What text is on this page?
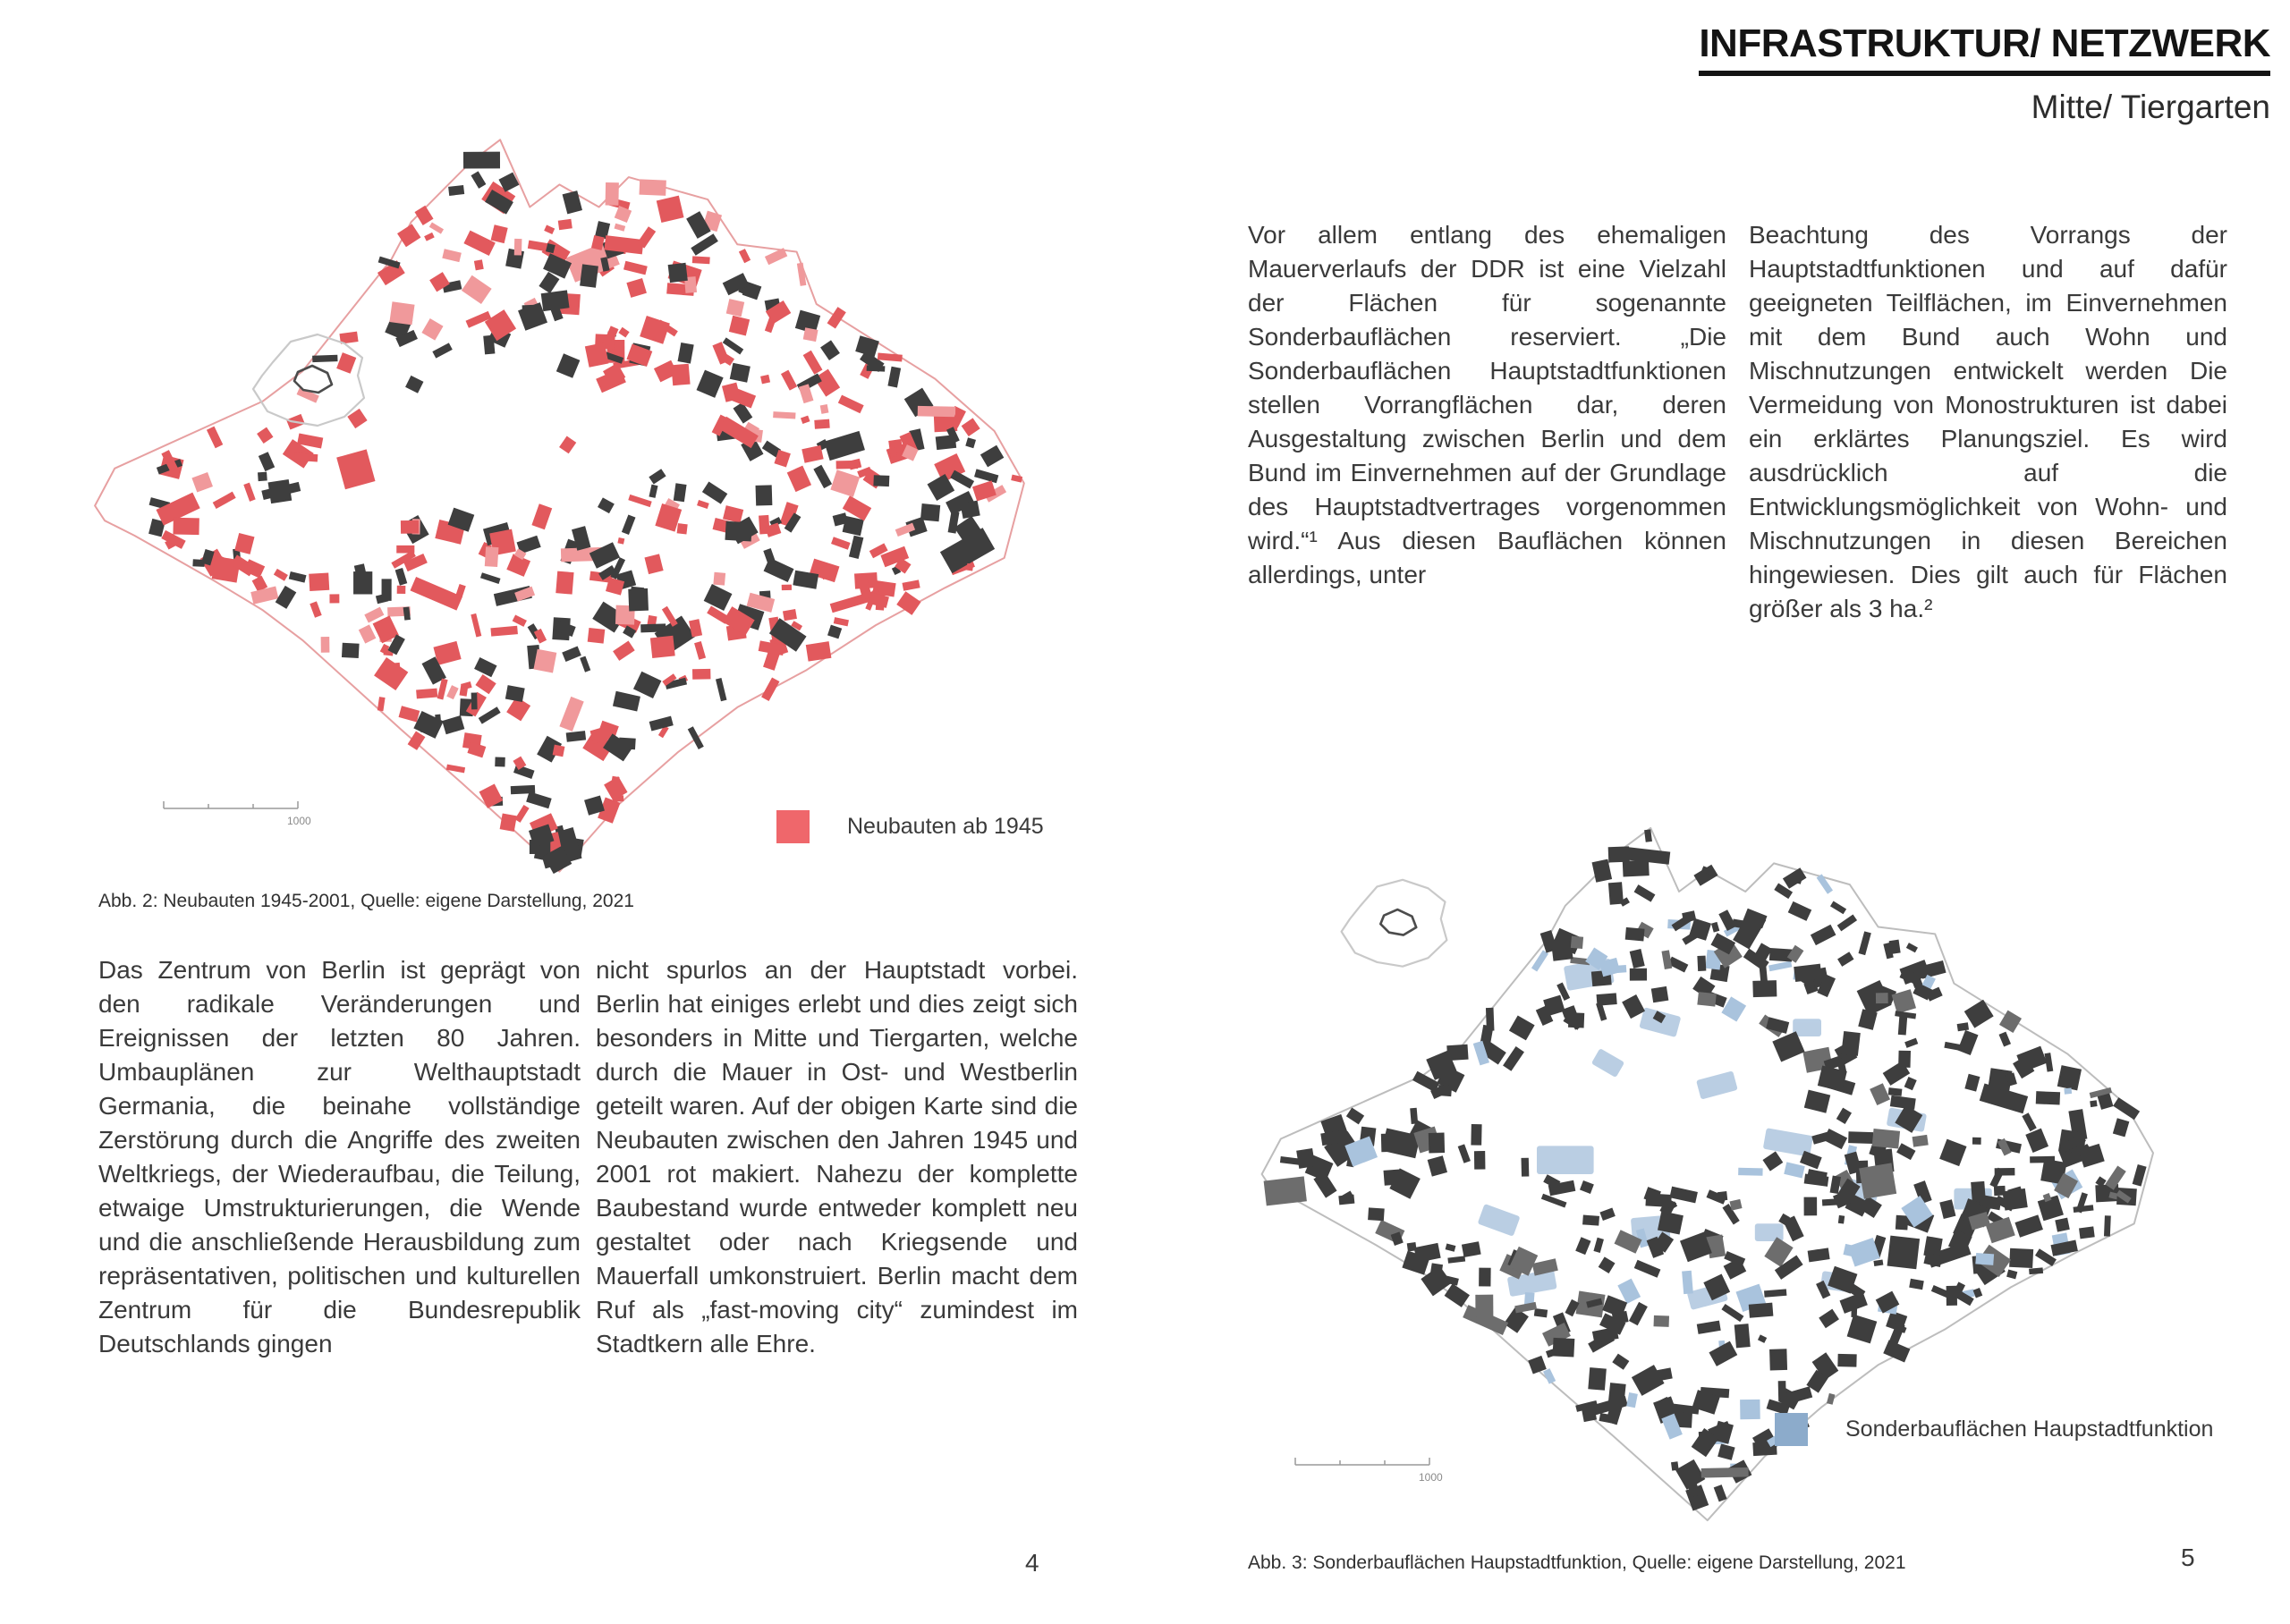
INFRASTRUKTUR/ NETZWERK
Mitte/ Tiergarten
1000	Neubauten ab 1945
Abb. 2: Neubauten 1945-2001, Quelle: eigene Darstellung, 2021

Das Zentrum von Berlin ist geprägt von den radikale Veränderungen und Ereignissen der letzten 80 Jahren. Umbauplänen zur Welthauptstadt Germania, die beinahe vollständige Zerstörung durch die Angriffe des zweiten Weltkriegs, der Wiederaufbau, die Teilung, etwaige Umstrukturierungen, die Wende und die anschließende Herausbildung zum repräsentativen, politischen und kulturellen Zentrum für die Bundesrepublik Deutschlands gingen

nicht spurlos an der Hauptstadt vorbei. Berlin hat einiges erlebt und dies zeigt sich besonders in Mitte und Tiergarten, welche durch die Mauer in Ost- und Westberlin geteilt waren. Auf der obigen Karte sind die Neubauten zwischen den Jahren 1945 und 2001 rot makiert. Nahezu der komplette Baubestand wurde entweder komplett neu gestaltet oder nach Kriegsende und Mauerfall umkonstruiert. Berlin macht dem Ruf als „fast-moving city“ zumindest im Stadtkern alle Ehre.

4

Vor allem entlang des ehemaligen Mauerverlaufs der DDR ist eine Vielzahl der Flächen für sogenannte Sonderbauflächen reserviert. „Die Sonderbauflächen Hauptstadtfunktionen stellen Vorrangflächen dar, deren Ausgestaltung zwischen Berlin und dem Bund im Einvernehmen auf der Grundlage des Hauptstadtvertrages vorgenommen wird.“¹ Aus diesen Bauflächen können allerdings, unter

Beachtung des Vorrangs der Hauptstadtfunktionen und auf dafür geeigneten Teilflächen, im Einvernehmen mit dem Bund auch Wohn und Mischnutzungen entwickelt werden Die Vermeidung von Monostrukturen ist dabei ein erklärtes Planungsziel. Es wird ausdrücklich auf die Entwicklungsmöglichkeit von Wohn- und Mischnutzungen in diesen Bereichen hingewiesen. Dies gilt auch für Flächen größer als 3 ha.²

1000
Sonderbauflächen Haupstadtfunktion
Abb. 3: Sonderbauflächen Haupstadtfunktion, Quelle: eigene Darstellung, 2021	5
